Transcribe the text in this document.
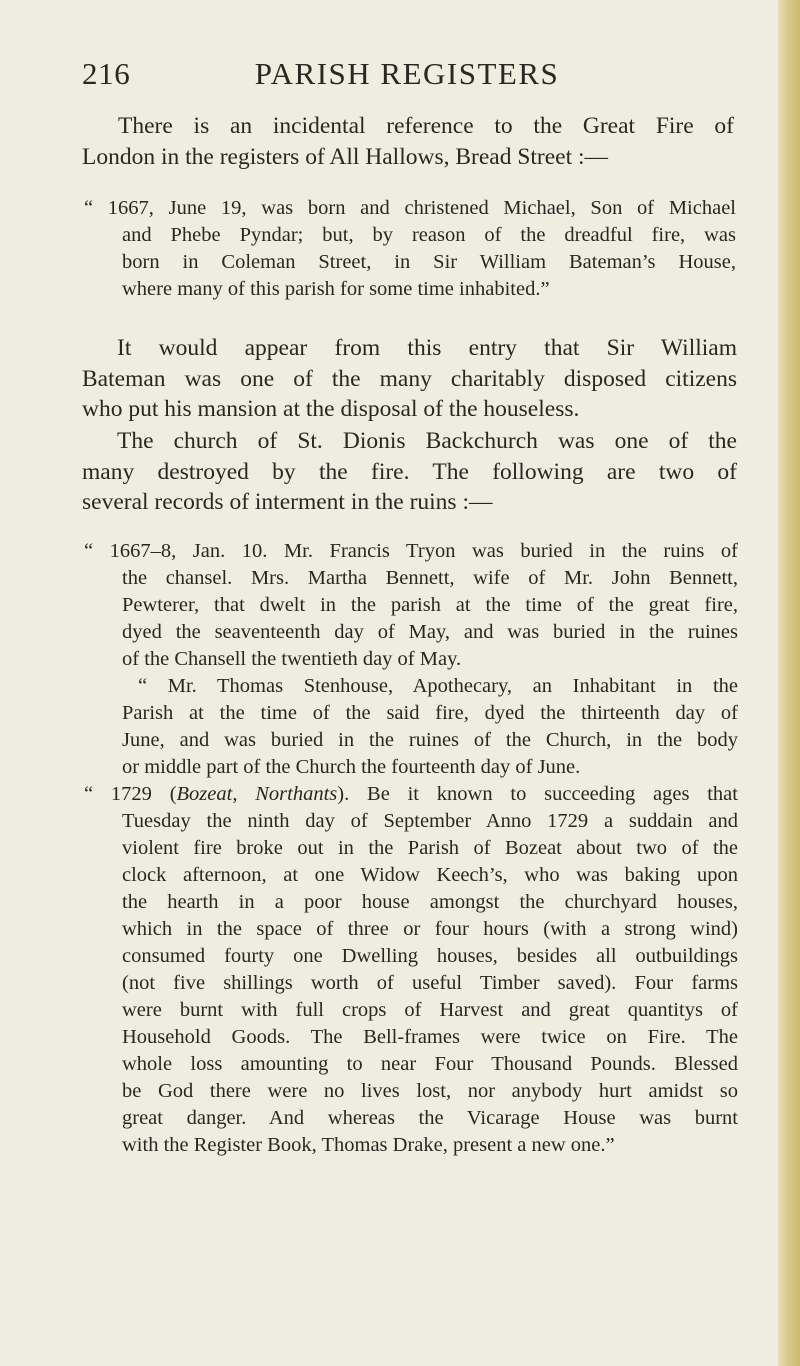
216	PARISH REGISTERS
There is an incidental reference to the Great Fire of
London in the registers of All Hallows, Bread Street :—
“ 1667, June 19, was born and christened Michael, Son of Michael
and Phebe Pyndar; but, by reason of the dreadful fire, was
born in Coleman Street, in Sir William Bateman’s House,
where many of this parish for some time inhabited.”
It would appear from this entry that Sir William
Bateman was one of the many charitably disposed citizens
who put his mansion at the disposal of the houseless.
The church of St. Dionis Backchurch was one of the
many destroyed by the fire. The following are two of
several records of interment in the ruins :—
“ 1667–8, Jan. 10. Mr. Francis Tryon was buried in the ruins of
the chansel. Mrs. Martha Bennett, wife of Mr. John Bennett,
Pewterer, that dwelt in the parish at the time of the great fire,
dyed the seaventeenth day of May, and was buried in the ruines
of the Chansell the twentieth day of May.
“ Mr. Thomas Stenhouse, Apothecary, an Inhabitant in the
Parish at the time of the said fire, dyed the thirteenth day of
June, and was buried in the ruines of the Church, in the body
or middle part of the Church the fourteenth day of June.
“ 1729 (Bozeat, Northants). Be it known to succeeding ages that
Tuesday the ninth day of September Anno 1729 a suddain and
violent fire broke out in the Parish of Bozeat about two of the
clock afternoon, at one Widow Keech’s, who was baking upon
the hearth in a poor house amongst the churchyard houses,
which in the space of three or four hours (with a strong wind)
consumed fourty one Dwelling houses, besides all outbuildings
(not five shillings worth of useful Timber saved). Four farms
were burnt with full crops of Harvest and great quantitys of
Household Goods. The Bell-frames were twice on Fire. The
whole loss amounting to near Four Thousand Pounds. Blessed
be God there were no lives lost, nor anybody hurt amidst so
great danger. And whereas the Vicarage House was burnt
with the Register Book, Thomas Drake, present a new one.”
